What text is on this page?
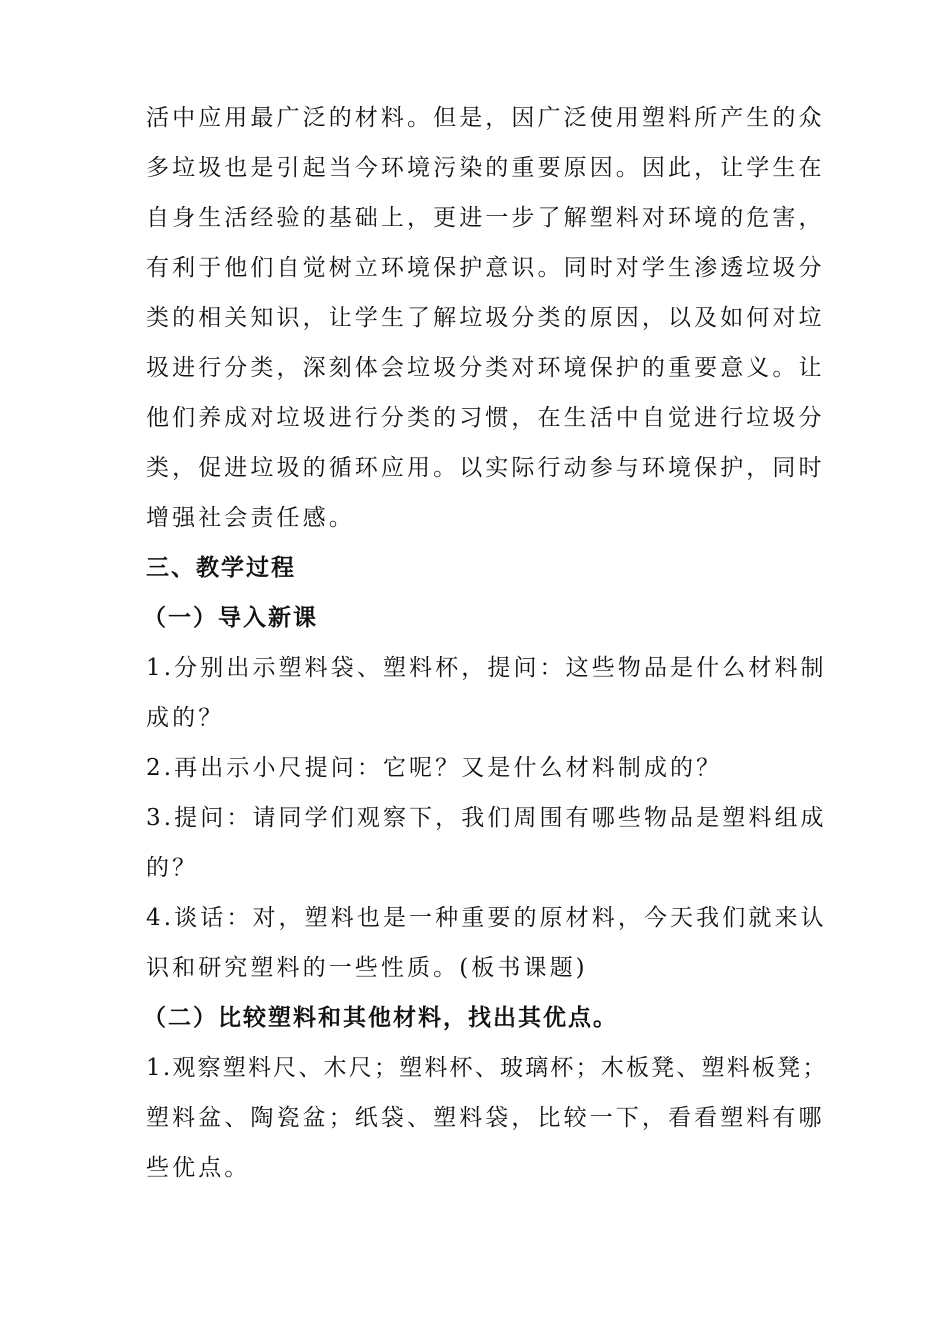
活中应用最广泛的材料。但是，因广泛使用塑料所产生的众
多垃圾也是引起当今环境污染的重要原因。因此，让学生在
自身生活经验的基础上，更进一步了解塑料对环境的危害，
有利于他们自觉树立环境保护意识。同时对学生渗透垃圾分
类的相关知识，让学生了解垃圾分类的原因，以及如何对垃
圾进行分类，深刻体会垃圾分类对环境保护的重要意义。让
他们养成对垃圾进行分类的习惯，在生活中自觉进行垃圾分
类，促进垃圾的循环应用。以实际行动参与环境保护，同时
增强社会责任感。
三、教学过程
（一）导入新课
1.分别出示塑料袋、塑料杯，提问：这些物品是什么材料制
成的？
2.再出示小尺提问：它呢？又是什么材料制成的？
3.提问：请同学们观察下，我们周围有哪些物品是塑料组成
的？
4.谈话：对，塑料也是一种重要的原材料，今天我们就来认
识和研究塑料的一些性质。(板书课题)
（二）比较塑料和其他材料，找出其优点。
1.观察塑料尺、木尺；塑料杯、玻璃杯；木板凳、塑料板凳；
塑料盆、陶瓷盆；纸袋、塑料袋，比较一下，看看塑料有哪
些优点。
